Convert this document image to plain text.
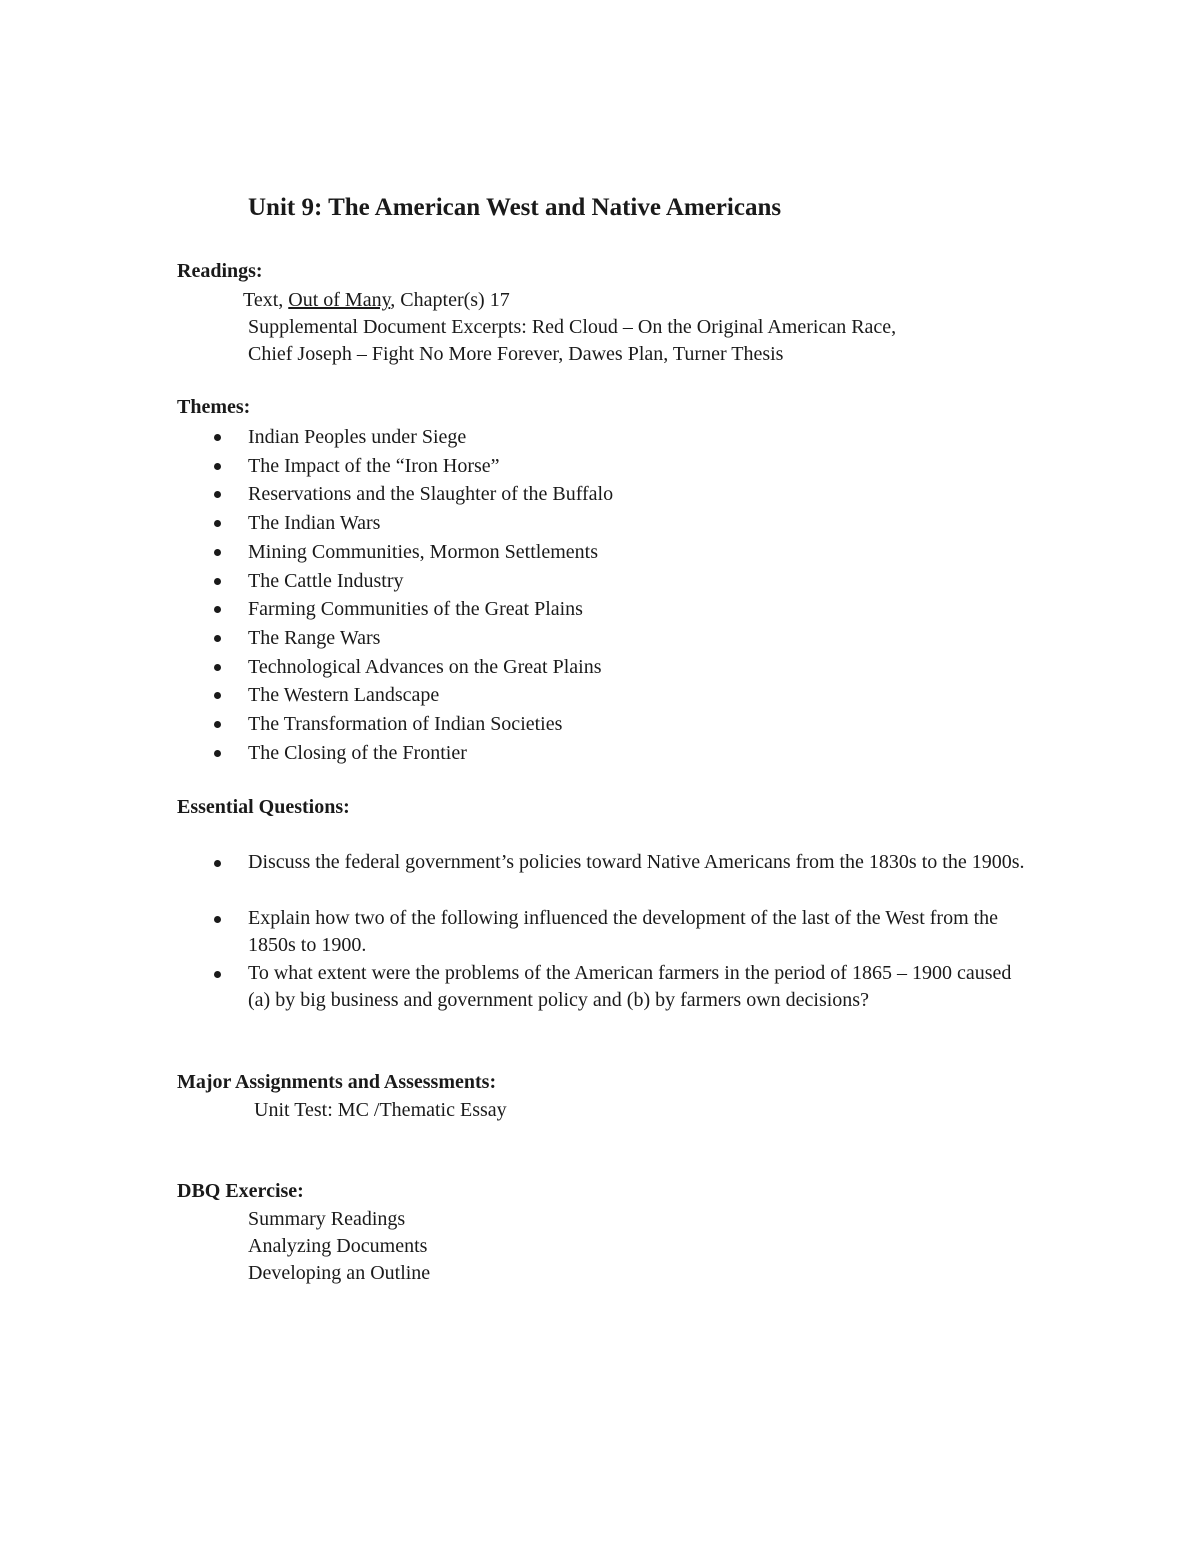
Unit 9: The American West and Native Americans
Readings:
Text, Out of Many, Chapter(s) 17
Supplemental Document Excerpts: Red Cloud – On the Original American Race,
Chief Joseph – Fight No More Forever, Dawes Plan, Turner Thesis
Themes:
Indian Peoples under Siege
The Impact of the “Iron Horse”
Reservations and the Slaughter of the Buffalo
The Indian Wars
Mining Communities, Mormon Settlements
The Cattle Industry
Farming Communities of the Great Plains
The Range Wars
Technological Advances on the Great Plains
The Western Landscape
The Transformation of Indian Societies
The Closing of the Frontier
Essential Questions:
Discuss the federal government’s policies toward Native Americans from the 1830s to the 1900s.
Explain how two of the following influenced the development of the last of the West from the 1850s to 1900.
To what extent were the problems of the American farmers in the period of 1865 – 1900 caused (a) by big business and government policy and (b) by farmers own decisions?
Major Assignments and Assessments:
Unit Test: MC /Thematic Essay
DBQ Exercise:
Summary Readings
Analyzing Documents
Developing an Outline
